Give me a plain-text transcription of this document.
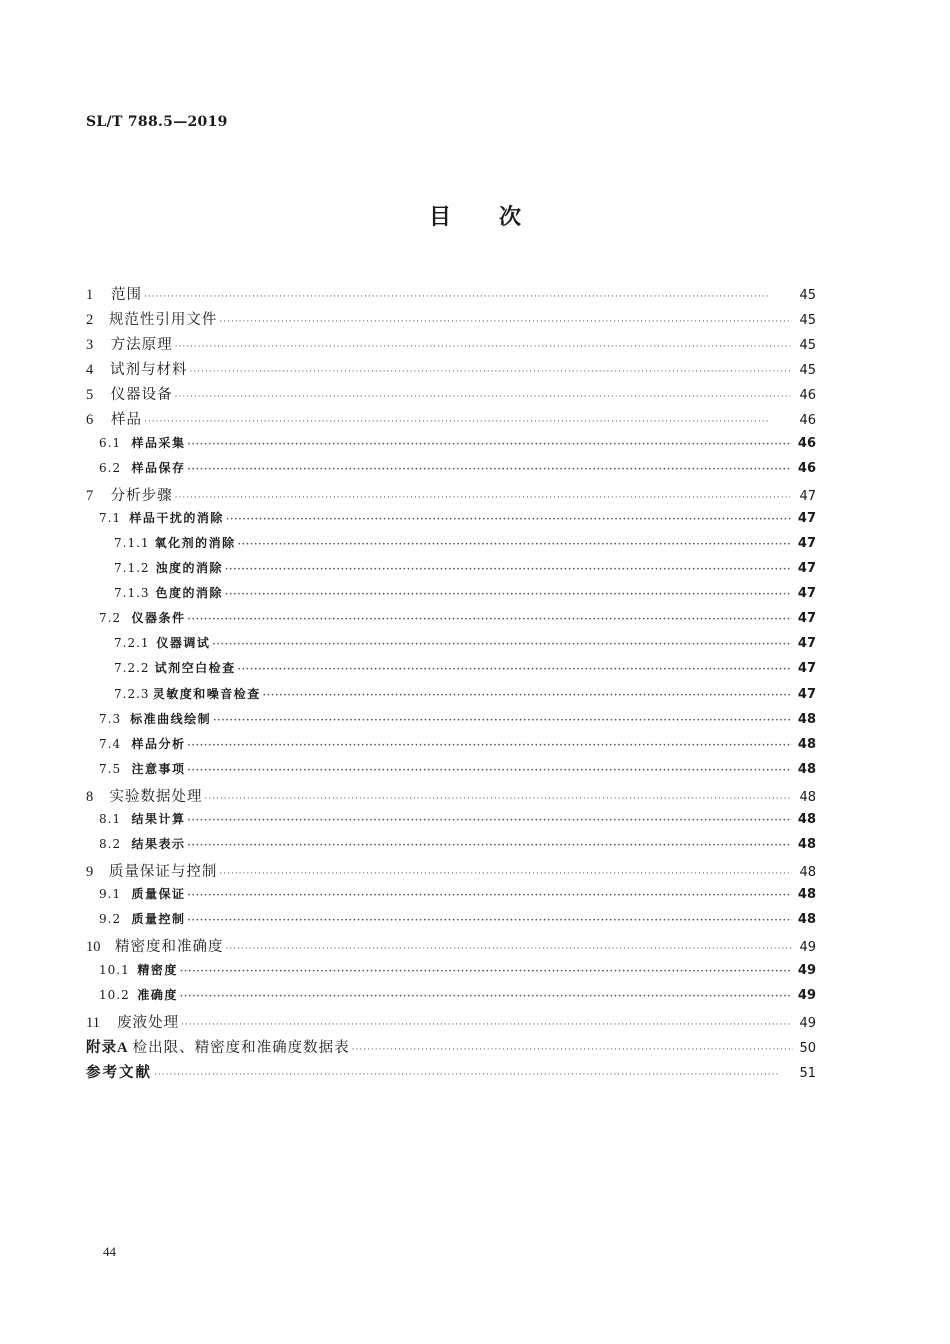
SL/T 788.5—2019
目次
1	范围 ·····	45
2	规范性引用文件 ·····	45
3	方法原理 ·····	45
4	试剂与材料 ·····	45
5	仪器设备 ·····	46
6	样品 ·····	46
6.1 样品采集 ·····	46
6.2 样品保存 ·····	46
7	分析步骤 ·····	47
7.1 样品干扰的消除 ·····	47
7.1.1 氧化剂的消除 ·····	47
7.1.2 浊度的消除 ·····	47
7.1.3 色度的消除 ·····	47
7.2 仪器条件 ·····	47
7.2.1 仪器调试 ·····	47
7.2.2 试剂空白检查 ·····	47
7.2.3 灵敏度和噪音检查 ·····	47
7.3 标准曲线绘制 ·····	48
7.4 样品分析 ·····	48
7.5 注意事项 ·····	48
8	实验数据处理 ·····	48
8.1 结果计算 ·····	48
8.2 结果表示 ·····	48
9	质量保证与控制 ·····	48
9.1 质量保证 ·····	48
9.2 质量控制 ·····	48
10 精密度和准确度 ·····	49
10.1 精密度 ·····	49
10.2 准确度 ·····	49
11	废液处理 ·····	49
附录A 检出限、精密度和准确度数据表 ·····	50
参考文献 ·····	51
44
